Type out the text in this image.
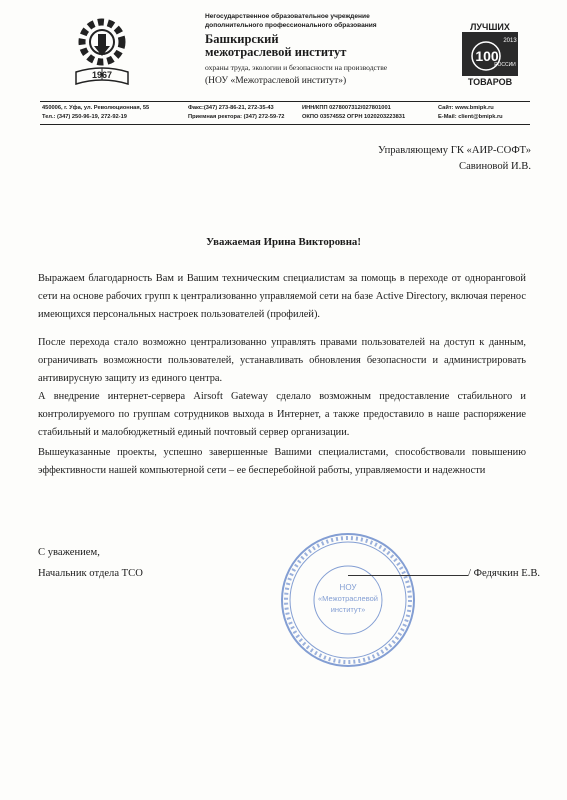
1967
Негосударственное образовательное учреждение
дополнительного профессионального образования
Башкирский
межотраслевой институт
охраны труда, экологии и безопасности на производстве
(НОУ «Межотраслевой институт»)
ЛУЧШИХ
2013
100
РОССИИ
ТОВАРОВ
450006, г. Уфа, ул. Революционная, 55
Тел.: (347) 250-96-19, 272-92-19
Факс:(347) 273-86-21, 272-35-43
Приемная ректора: (347) 272-59-72
ИНН/КПП 0278007312/027801001
ОКПО 03574552 ОГРН 1020203223831
Сайт: www.bmipk.ru
E-Mail: client@bmipk.ru
Управляющему ГК «АИР-СОФТ»
Савиновой И.В.
Уважаемая Ирина Викторовна!
Выражаем благодарность Вам и Вашим техническим специалистам за помощь в переходе от одноранговой сети на основе рабочих групп к централизованно управляемой сети на базе Active Directory, включая перенос имеющихся персональных настроек пользователей (профилей).
После перехода стало возможно централизованно управлять правами пользователей на доступ к данным, ограничивать возможности пользователей, устанавливать обновления безопасности и администрировать антивирусную защиту из единого центра.
А внедрение интернет-сервера Airsoft Gateway сделало возможным предоставление стабильного и контролируемого по группам сотрудников выхода в Интернет, а также предоставило в наше распоряжение стабильный и малобюджетный единый почтовый сервер организации.
Вышеуказанные проекты, успешно завершенные Вашими специалистами, способствовали повышению эффективности нашей компьютерной сети – ее бесперебойной работы, управляемости и надежности
НОУ
«Межотраслевой
институт»
С уважением,
Начальник отдела ТСО	/ Федячкин Е.В.
